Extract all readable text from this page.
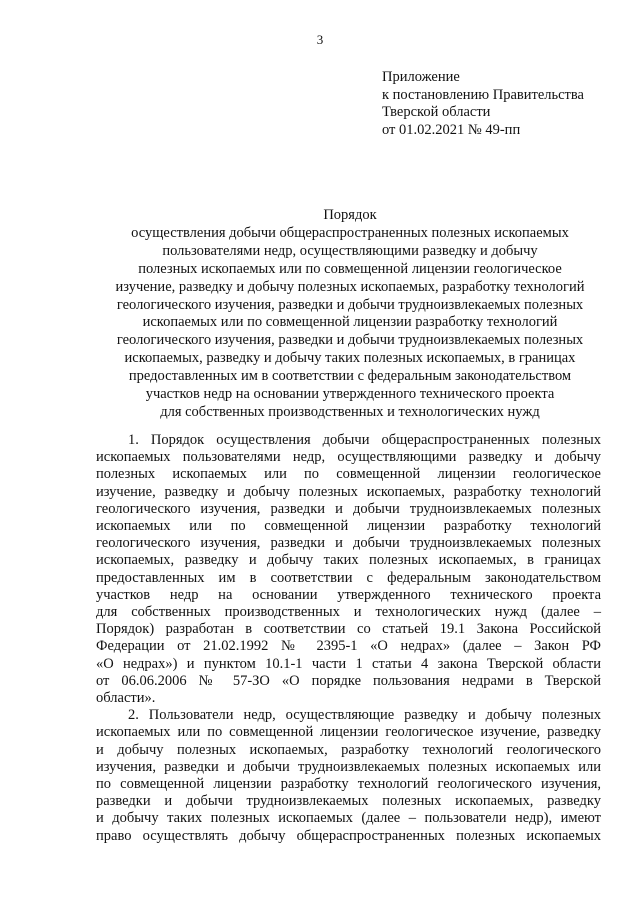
3
Приложение
к постановлению Правительства
Тверской области
от 01.02.2021 № 49-пп
Порядок
осуществления добычи общераспространенных полезных ископаемых
пользователями недр, осуществляющими разведку и добычу
полезных ископаемых или по совмещенной лицензии геологическое
изучение, разведку и добычу полезных ископаемых, разработку технологий
геологического изучения, разведки и добычи трудноизвлекаемых полезных
ископаемых или по совмещенной лицензии разработку технологий
геологического изучения, разведки и добычи трудноизвлекаемых полезных
ископаемых, разведку и добычу таких полезных ископаемых, в границах
предоставленных им в соответствии с федеральным законодательством
участков недр на основании утвержденного технического проекта
для собственных производственных и технологических нужд
1. Порядок осуществления добычи общераспространенных полезных
ископаемых пользователями недр, осуществляющими разведку и добычу
полезных ископаемых или по совмещенной лицензии геологическое
изучение, разведку и добычу полезных ископаемых, разработку технологий
геологического изучения, разведки и добычи трудноизвлекаемых полезных
ископаемых или по совмещенной лицензии разработку технологий
геологического изучения, разведки и добычи трудноизвлекаемых полезных
ископаемых, разведку и добычу таких полезных ископаемых, в границах
предоставленных им в соответствии с федеральным законодательством
участков недр на основании утвержденного технического проекта
для собственных производственных и технологических нужд (далее –
Порядок) разработан в соответствии со статьей 19.1 Закона Российской
Федерации от 21.02.1992 № 2395-1 «О недрах» (далее – Закон РФ
«О недрах») и пунктом 10.1-1 части 1 статьи 4 закона Тверской области
от 06.06.2006 № 57-ЗО «О порядке пользования недрами в Тверской
области».
2. Пользователи недр, осуществляющие разведку и добычу полезных
ископаемых или по совмещенной лицензии геологическое изучение, разведку
и добычу полезных ископаемых, разработку технологий геологического
изучения, разведки и добычи трудноизвлекаемых полезных ископаемых или
по совмещенной лицензии разработку технологий геологического изучения,
разведки и добычи трудноизвлекаемых полезных ископаемых, разведку
и добычу таких полезных ископаемых (далее – пользователи недр), имеют
право осуществлять добычу общераспространенных полезных ископаемых
